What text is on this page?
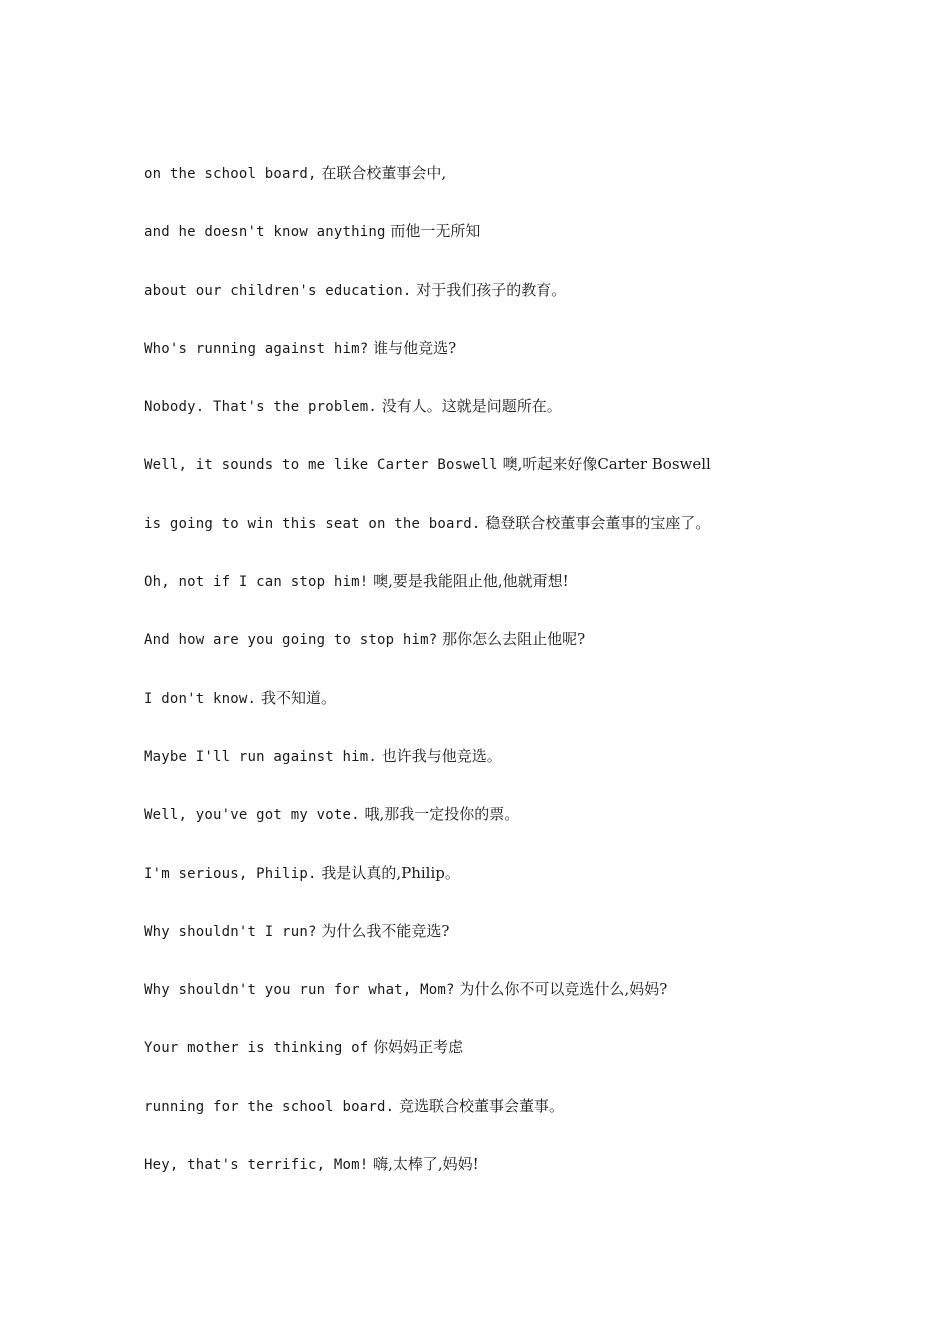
on the school board, 在联合校董事会中,
and he doesn't know anything 而他一无所知
about our children's education. 对于我们孩子的教育。
Who's running against him? 谁与他竞选?
Nobody. That's the problem. 没有人。这就是问题所在。
Well, it sounds to me like Carter Boswell 噢,听起来好像Carter Boswell
is going to win this seat on the board. 稳登联合校董事会董事的宝座了。
Oh, not if I can stop him! 噢,要是我能阻止他,他就甭想!
And how are you going to stop him? 那你怎么去阻止他呢?
I don't know. 我不知道。
Maybe I'll run against him. 也许我与他竞选。
Well, you've got my vote. 哦,那我一定投你的票。
I'm serious, Philip. 我是认真的,Philip。
Why shouldn't I run? 为什么我不能竞选?
Why shouldn't you run for what, Mom? 为什么你不可以竞选什么,妈妈?
Your mother is thinking of 你妈妈正考虑
running for the school board. 竞选联合校董事会董事。
Hey, that's terrific, Mom! 嗨,太棒了,妈妈!
